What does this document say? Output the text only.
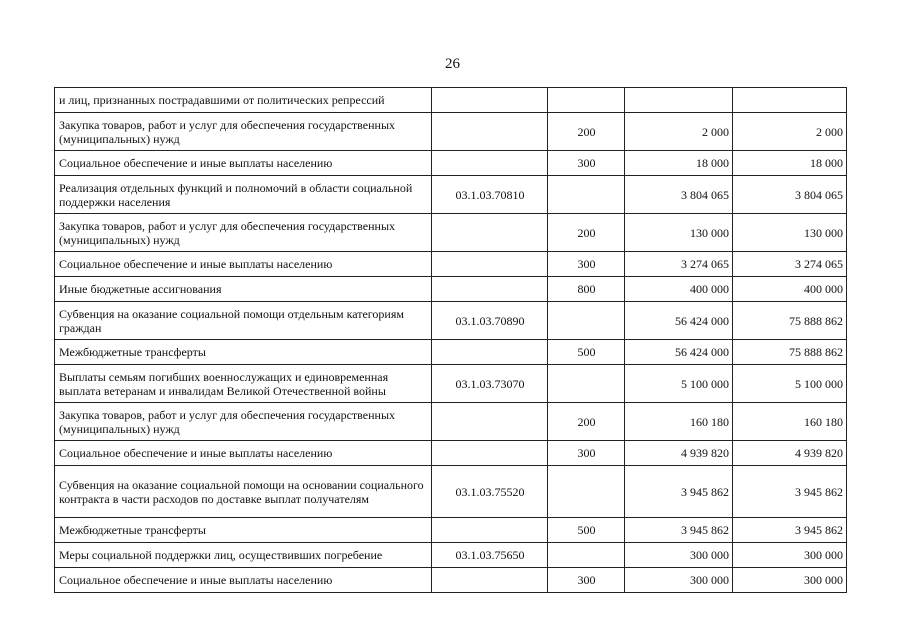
26
и лиц, признанных пострадавшими от политических репрессий				
Закупка товаров, работ и услуг для обеспечения государственных (муниципальных) нужд		200	2 000	2 000
Социальное обеспечение и иные выплаты населению		300	18 000	18 000
Реализация отдельных функций и полномочий в области социальной поддержки населения	03.1.03.70810		3 804 065	3 804 065
Закупка товаров, работ и услуг для обеспечения государственных (муниципальных) нужд		200	130 000	130 000
Социальное обеспечение и иные выплаты населению		300	3 274 065	3 274 065
Иные бюджетные ассигнования		800	400 000	400 000
Субвенция на оказание социальной помощи отдельным категориям граждан	03.1.03.70890		56 424 000	75 888 862
Межбюджетные трансферты		500	56 424 000	75 888 862
Выплаты семьям погибших военнослужащих и единовременная выплата ветеранам и инвалидам Великой Отечественной войны	03.1.03.73070		5 100 000	5 100 000
Закупка товаров, работ и услуг для обеспечения государственных (муниципальных) нужд		200	160 180	160 180
Социальное обеспечение и иные выплаты населению		300	4 939 820	4 939 820
Субвенция на оказание социальной помощи на основании социального контракта в части расходов по доставке выплат получателям	03.1.03.75520		3 945 862	3 945 862
Межбюджетные трансферты		500	3 945 862	3 945 862
Меры социальной поддержки лиц, осуществивших погребение	03.1.03.75650		300 000	300 000
Социальное обеспечение и иные выплаты населению		300	300 000	300 000
